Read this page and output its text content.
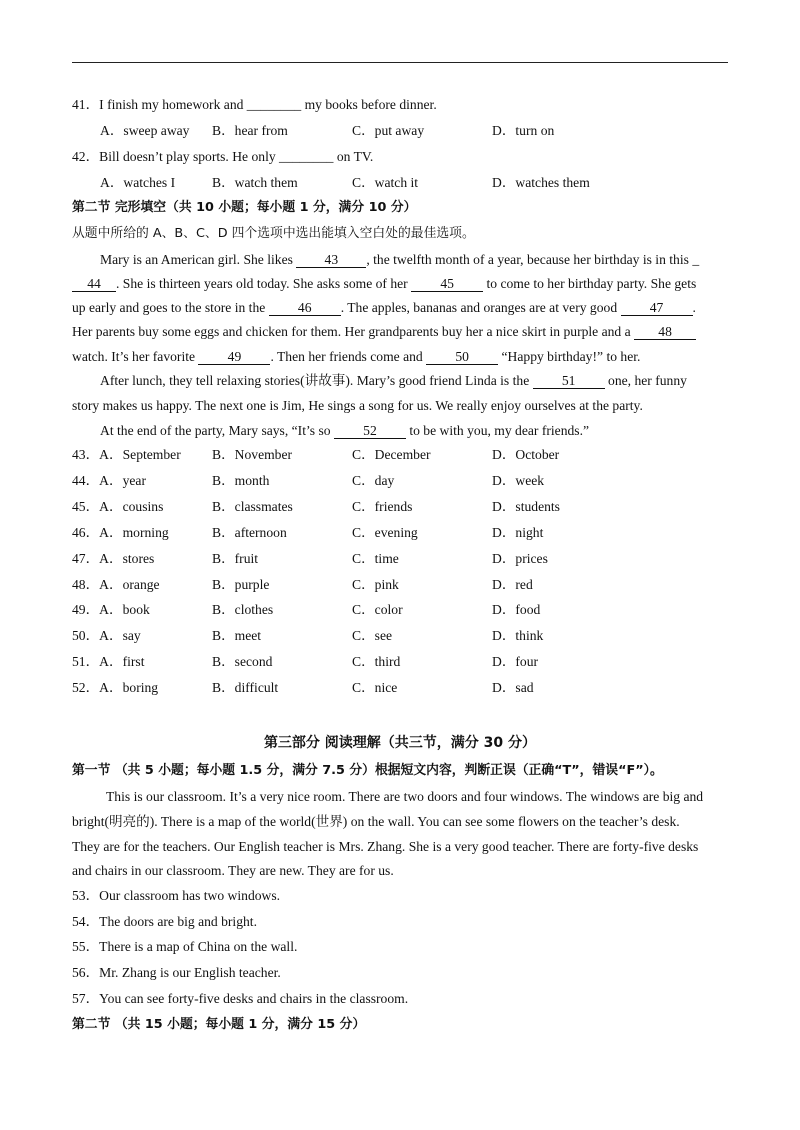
41．I finish my homework and ________ my books before dinner.
A．sweep away B．hear from	C．put away	D．turn on
42．Bill doesn’t play sports. He only ________ on TV.
A．watches I	B．watch them	C．watch it	D．watches them
第二节 完形填空（共 10 小题；每小题 1 分，满分 10 分）
从题中所给的 A、B、C、D 四个选项中选出能填入空白处的最佳选项。
Mary is an American girl. She likes 43 , the twelfth month of a year, because her birthday is in this _
44 . She is thirteen years old today. She asks some of her 45 to come to her birthday party. She gets
up early and goes to the store in the 46 . The apples, bananas and oranges are at very good 47 .
Her parents buy some eggs and chicken for them. Her grandparents buy her a nice skirt in purple and a 48
watch. It’s her favorite 49 . Then her friends come and 50 “Happy birthday!” to her.
After lunch, they tell relaxing stories(讲故事). Mary’s good friend Linda is the 51 one, her funny
story makes us happy. The next one is Jim, He sings a song for us. We really enjoy ourselves at the party.
At the end of the party, Mary says, “It’s so 52 to be with you, my dear friends.”
43．A．September B．November	C．December	D．October
44．A．year	B．month	C．day	D．week
45．A．cousins	B．classmates	C．friends	D．students
46．A．morning	B．afternoon	C．evening	D．night
47．A．stores	B．fruit	C．time	D．prices
48．A．orange	B．purple	C．pink	D．red
49．A．book	B．clothes	C．color	D．food
50．A．say	B．meet	C．see	D．think
51．A．first	B．second	C．third	D．four
52．A．boring	B．difficult	C．nice	D．sad
第三部分 阅读理解（共三节，满分 30 分）
第一节 （共 5 小题；每小题 1.5 分，满分 7.5 分）根据短文内容，判断正误（正确“T”，错误“F”）。
This is our classroom. It’s a very nice room. There are two doors and four windows. The windows are big and
bright(明亮的). There is a map of the world(世界) on the wall. You can see some flowers on the teacher’s desk.
They are for the teachers. Our English teacher is Mrs. Zhang. She is a very good teacher. There are forty-five desks
and chairs in our classroom. They are new. They are for us.
53．Our classroom has two windows.
54．The doors are big and bright.
55．There is a map of China on the wall.
56．Mr. Zhang is our English teacher.
57．You can see forty-five desks and chairs in the classroom.
第二节 （共 15 小题；每小题 1 分，满分 15 分）
